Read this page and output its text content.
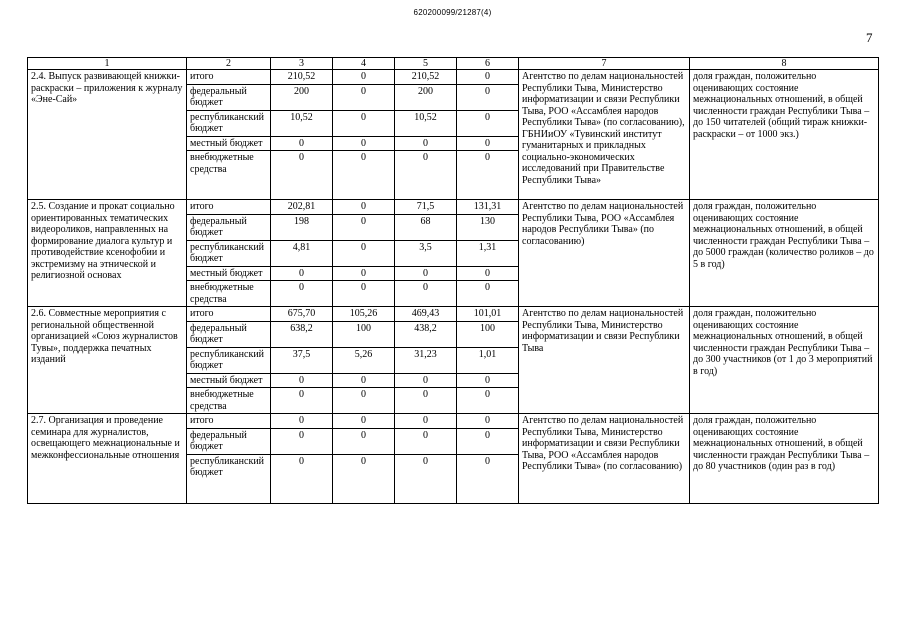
620200099/21287(4)
7
1	2	3	4	5	6	7	8
2.4. Выпуск развивающей книжки-раскраски – приложения к журналу «Эне-Сай»	итого	210,52	0	210,52	0	Агентство по делам национальностей Республики Тыва, Министерство информатизации и связи Республики Тыва, РОО «Ассамблея народов Республики Тыва» (по согласованию), ГБНИиОУ «Тувинский институт гуманитарных и прикладных социально-экономических исследований при Правительстве Республики Тыва»	доля граждан, положительно оценивающих состояние межнациональных отношений, в общей численности граждан Республики Тыва – до 150 читателей (общий тираж книжки-раскраски – от 1000 экз.)
	федеральный бюджет	200	0	200	0		
	республиканский бюджет	10,52	0	10,52	0		
	местный бюджет	0	0	0	0		
	внебюджетные средства	0	0	0	0		
2.5. Создание и прокат социально ориентированных тематических видеороликов, направленных на формирование диалога культур и противодействие ксенофобии и экстремизму на этнической и религиозной основах	итого	202,81	0	71,5	131,31	Агентство по делам национальностей Республики Тыва, РОО «Ассамблея народов Республики Тыва» (по согласованию)	доля граждан, положительно оценивающих состояние межнациональных отношений, в общей численности граждан Республики Тыва – до 5000 граждан (количество роликов – до 5 в год)
	федеральный бюджет	198	0	68	130		
	республиканский бюджет	4,81	0	3,5	1,31		
	местный бюджет	0	0	0	0		
	внебюджетные средства	0	0	0	0		
2.6. Совместные мероприятия с региональной общественной организацией «Союз журналистов Тувы», поддержка печатных изданий	итого	675,70	105,26	469,43	101,01	Агентство по делам национальностей Республики Тыва, Министерство информатизации и связи Республики Тыва	доля граждан, положительно оценивающих состояние межнациональных отношений, в общей численности граждан Республики Тыва – до 300 участников (от 1 до 3 мероприятий в год)
	федеральный бюджет	638,2	100	438,2	100		
	республиканский бюджет	37,5	5,26	31,23	1,01		
	местный бюджет	0	0	0	0		
	внебюджетные средства	0	0	0	0		
2.7. Организация и проведение семинара для журналистов, освещающего межнациональные и межконфессиональные отношения	итого	0	0	0	0	Агентство по делам национальностей Республики Тыва, Министерство информатизации и связи Республики Тыва, РОО «Ассамблея народов Республики Тыва» (по согласованию)	доля граждан, положительно оценивающих состояние межнациональных отношений, в общей численности граждан Республики Тыва – до 80 участников (один раз в год)
	федеральный бюджет	0	0	0	0		
	республиканский бюджет	0	0	0	0		
